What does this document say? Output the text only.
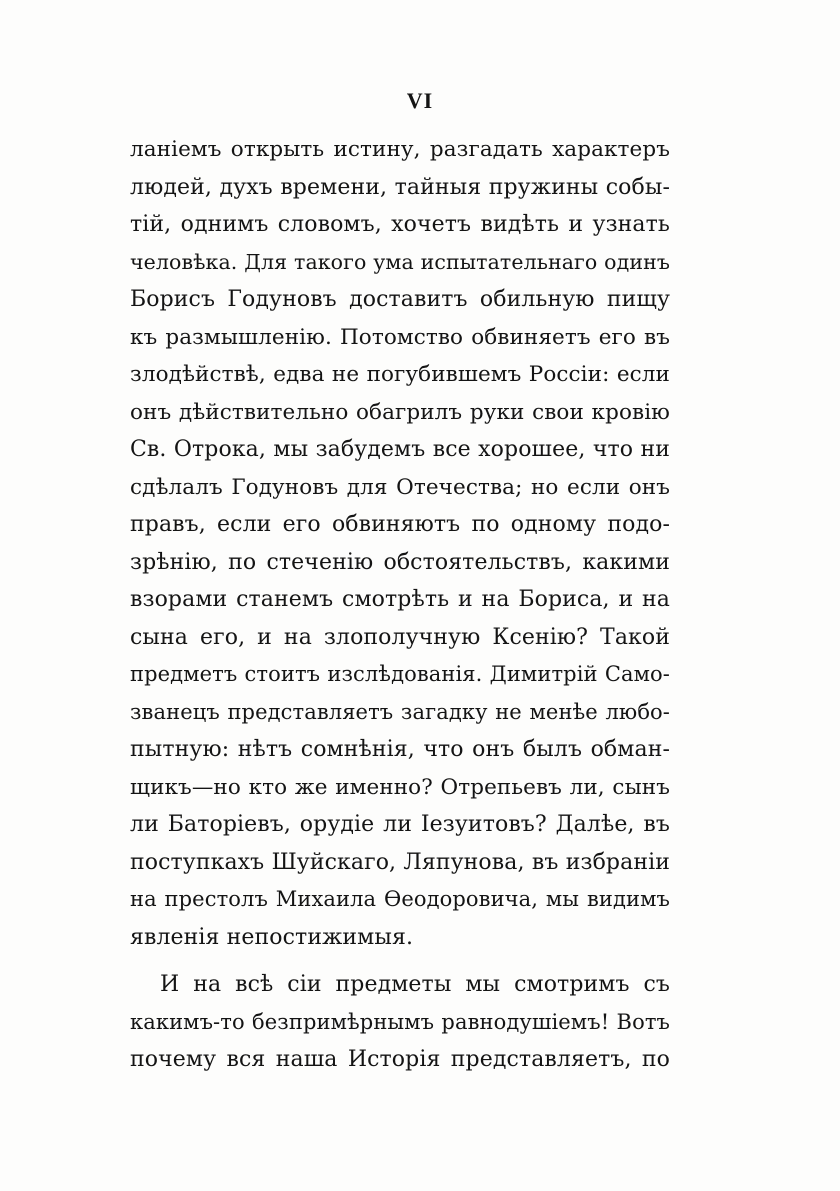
VI
ланіемъ открыть истину, разгадать характеръ
людей, духъ времени, тайныя пружины собы-
тій, однимъ словомъ, хочетъ видѣть и узнать
человѣка. Для такого ума испытательнаго одинъ
Борисъ Годуновъ доставитъ обильную пищу
къ размышленію. Потомство обвиняетъ его въ
злодѣйствѣ, едва не погубившемъ Россіи: если
онъ дѣйствительно обагрилъ руки свои кровію
Св. Отрока, мы забудемъ все хорошее, что ни
сдѣлалъ Годуновъ для Отечества; но если онъ
правъ, если его обвиняютъ по одному подо-
зрѣнію, по стеченію обстоятельствъ, какими
взорами станемъ смотрѣть и на Бориса, и на
сына его, и на злополучную Ксенію? Такой
предметъ стоитъ изслѣдованія. Димитрій Само-
званецъ представляетъ загадку не менѣе любо-
пытную: нѣтъ сомнѣнія, что онъ былъ обман-
щикъ—но кто же именно? Отрепьевъ ли, сынъ
ли Баторіевъ, орудіе ли Іезуитовъ? Далѣе, въ
поступкахъ Шуйскаго, Ляпунова, въ избраніи
на престолъ Михаила Ѳеодоровича, мы видимъ
явленія непостижимыя.
И на всѣ сіи предметы мы смотримъ съ
какимъ-то безпримѣрнымъ равнодушіемъ! Вотъ
почему вся наша Исторія представляетъ, по
